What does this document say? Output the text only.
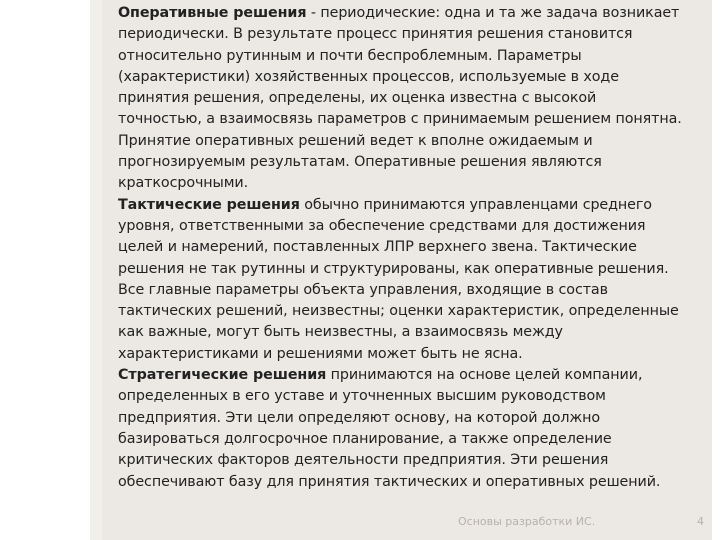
Оперативные решения - периодические: одна и та же задача возникает
периодически. В результате процесс принятия решения становится
относительно рутинным и почти беспроблемным. Параметры
(характеристики) хозяйственных процессов, используемые в ходе
принятия решения, определены, их оценка известна с высокой
точностью, а взаимосвязь параметров с принимаемым решением понятна.
Принятие оперативных решений ведет к вполне ожидаемым и
прогнозируемым результатам. Оперативные решения являются
краткосрочными.
Тактические решения обычно принимаются управленцами среднего
уровня, ответственными за обеспечение средствами для достижения
целей и намерений, поставленных ЛПР верхнего звена. Тактические
решения не так рутинны и структурированы, как оперативные решения.
Все главные параметры объекта управления, входящие в состав
тактических решений, неизвестны; оценки характеристик, определенные
как важные, могут быть неизвестны, а взаимосвязь между
характеристиками и решениями может быть не ясна.
Стратегические решения принимаются на основе целей компании,
определенных в его уставе и уточненных высшим руководством
предприятия. Эти цели определяют основу, на которой должно
базироваться долгосрочное планирование, а также определение
критических факторов деятельности предприятия. Эти решения
обеспечивают базу для принятия тактических и оперативных решений.

Основы разработки ИС.	4
